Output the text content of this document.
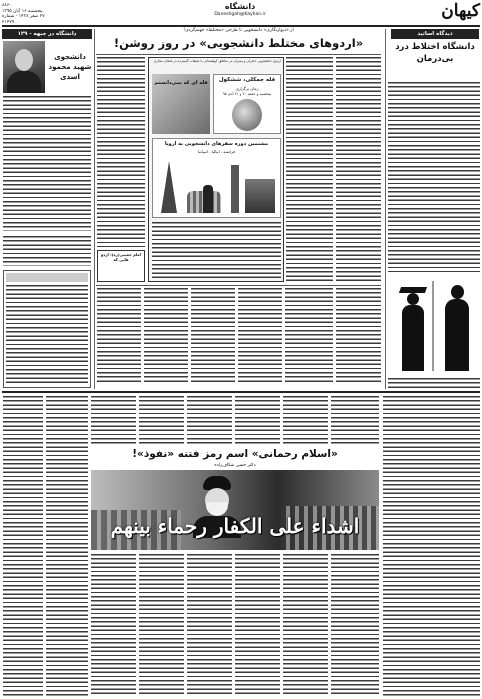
۸۸۶۰
پنجشنبه ۱۶ آبان ۱۳۹۵
۲۷ صفر ۱۴۳۸ - شماره ۲۱۴۷۹
دانشگاه
Daneshgah@Kayhan.ir	کیهان
دانشگاه در جبهه - ۱۲۹
دانشجوی شهید محمود اسدی
از «دیوارنگاری» دانشجویی تا طرحی «مختلط» جهنم‌گردی!
«اردوهای مختلط دانشجویی» در روز روشن!
اردوی دانشجویی دختران و پسران در مناطق کوهستانی با تبلیغات گسترده در فضای مجازی
قله ای که نمی‌دانستم	قله جمکلی، ششکول
زمان برگزاری
پنجشنبه و جمعه ۲۰ و ۲۱ آبان ۹۵
مشتمین دوره سفرهای دانشجویی به اروپا
فرانسه - ایتالیا - اسپانیا
امام خمینی(ره): اردو هایی که
دیدگاه اساتید
دانشگاه اختلاط درد بی‌درمان
«اسلام رحمانی» اسم رمز فتنه «نفوذ»!
دکتر حسن شکاف‌زاده
اشداء علی الکفار رحماء بینهم
